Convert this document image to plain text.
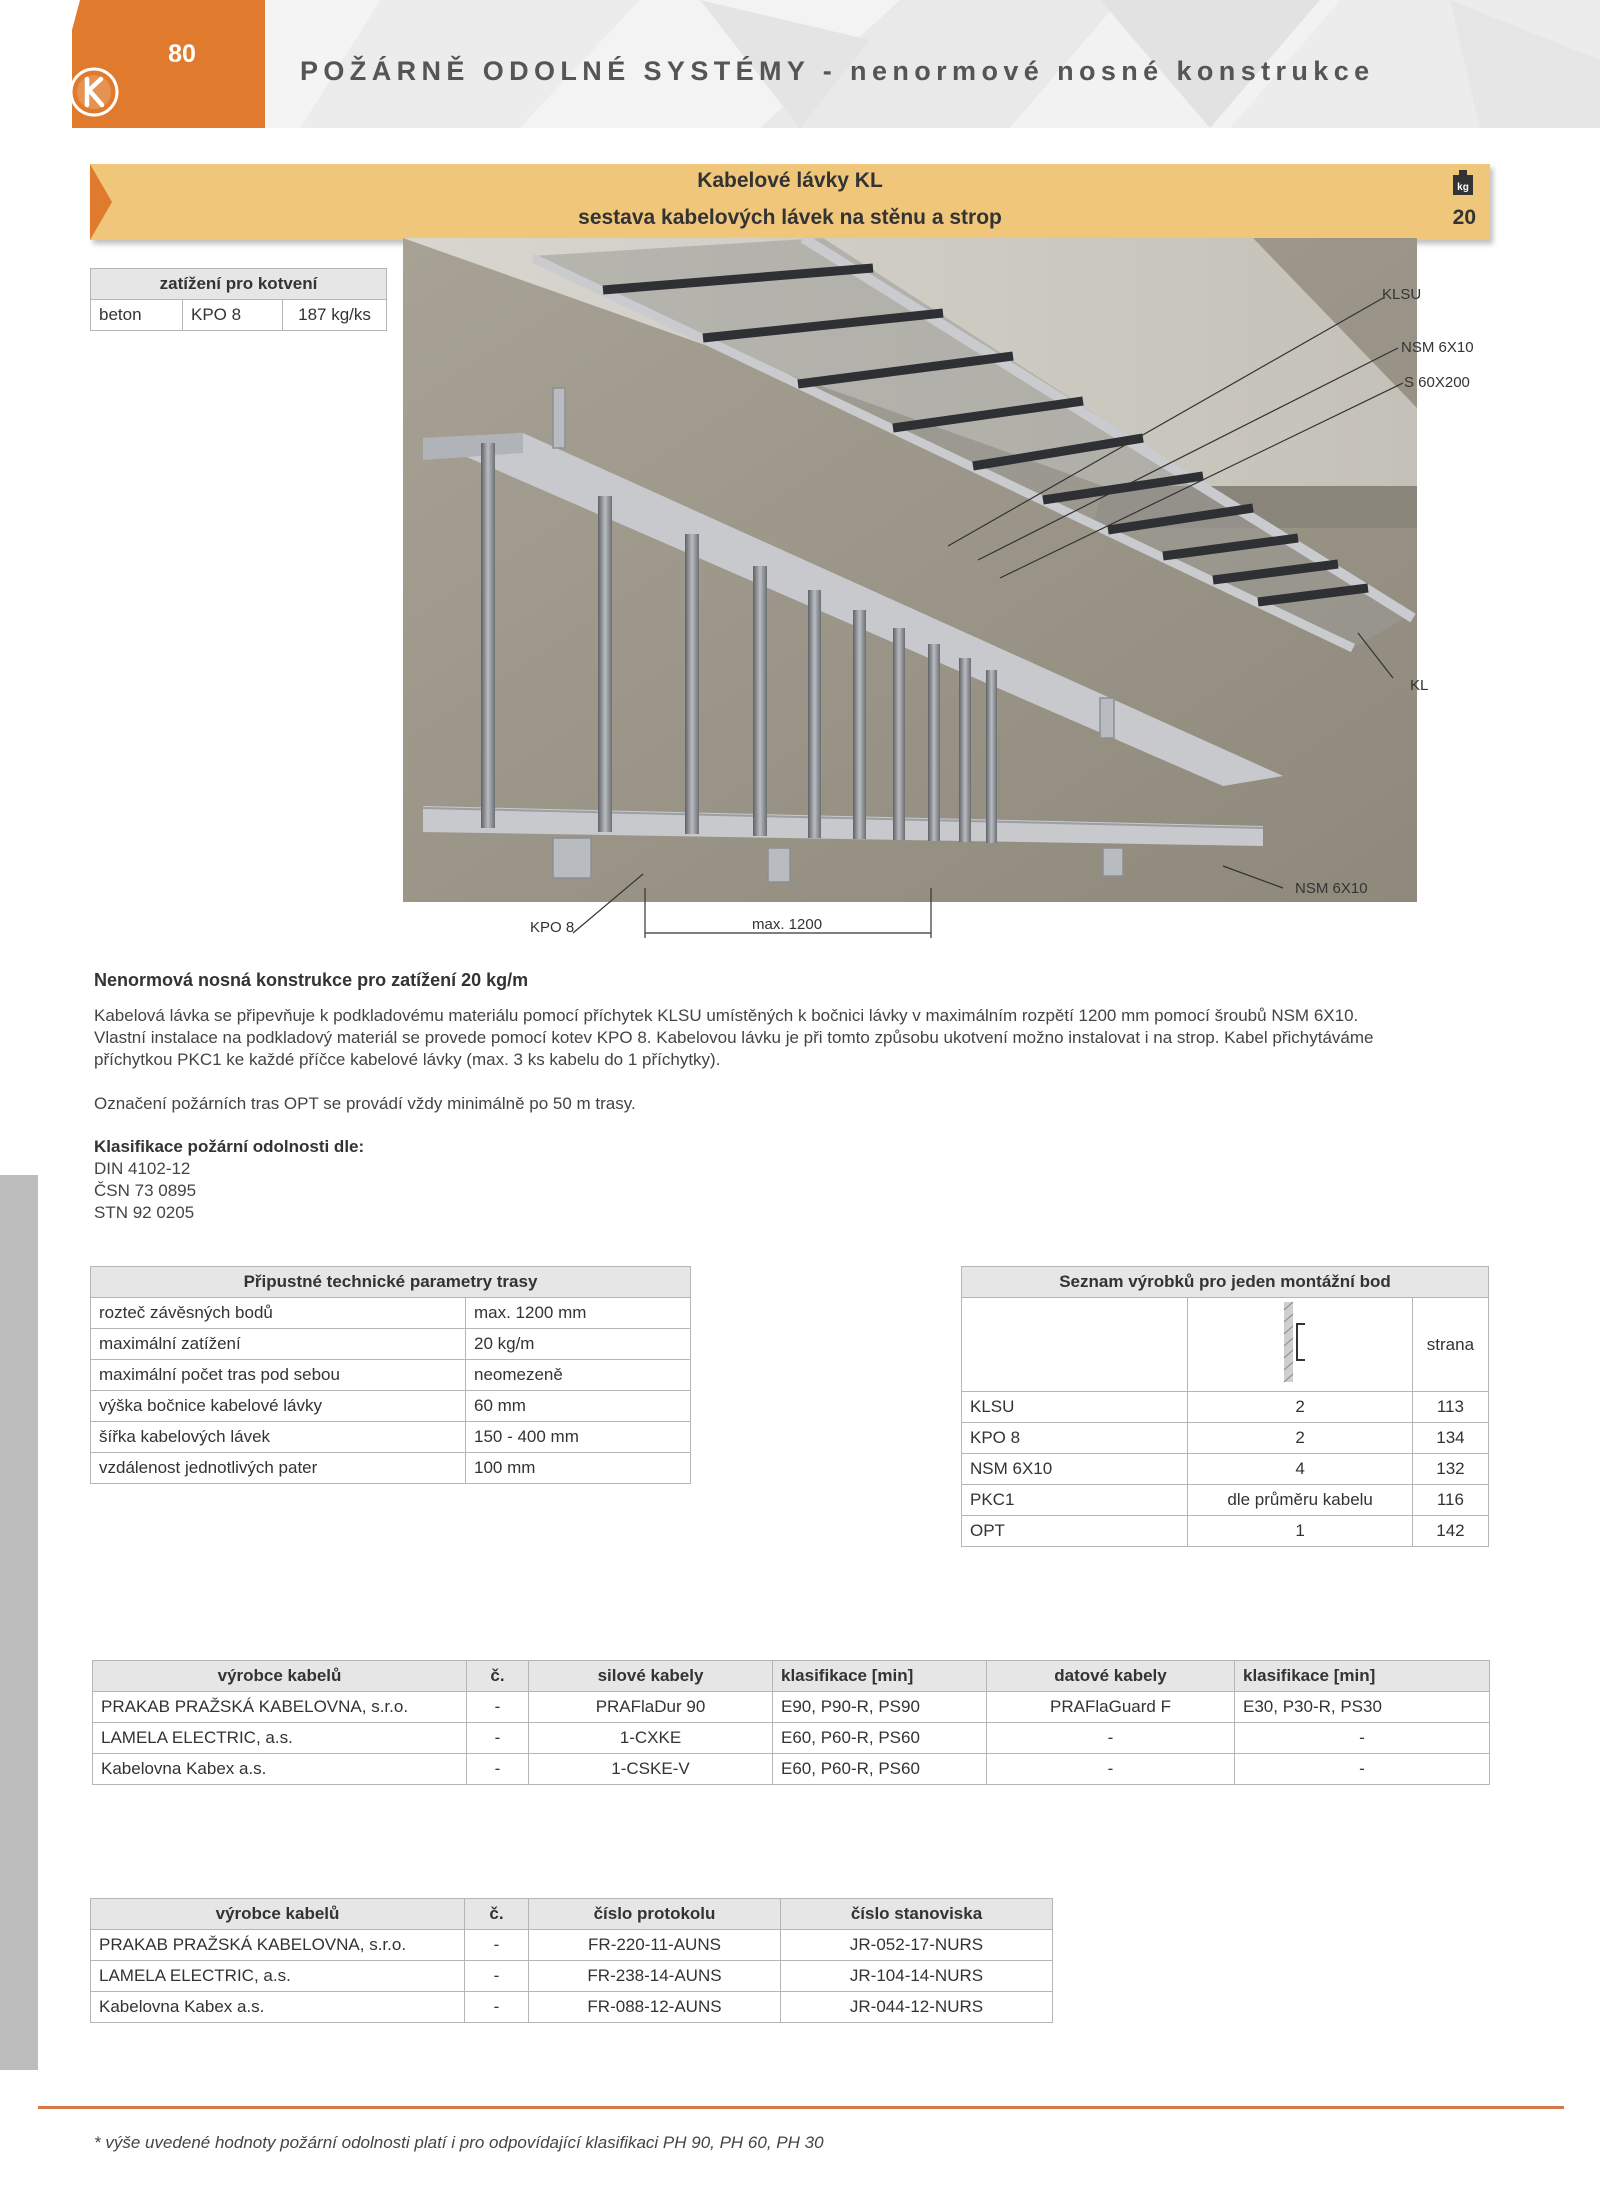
80
POŽÁRNĚ ODOLNÉ SYSTÉMY - nenormové nosné konstrukce
Kabelové lávky KL
sestava kabelových lávek na stěnu a strop	20
kg
zatížení pro kotvení
beton	KPO 8	187 kg/ks
KLSU
NSM 6X10
S 60X200
KL
NSM 6X10
KPO 8	max. 1200
Nenormová nosná konstrukce pro zatížení 20 kg/m
Kabelová lávka se připevňuje k podkladovému materiálu pomocí příchytek KLSU umístěných k bočnici lávky v maximálním rozpětí 1200 mm pomocí šroubů NSM 6X10.
Vlastní instalace na podkladový materiál se provede pomocí kotev KPO 8. Kabelovou lávku je při tomto způsobu ukotvení možno instalovat i na strop. Kabel přichytáváme
příchytkou PKC1 ke každé příčce kabelové lávky (max. 3 ks kabelu do 1 příchytky).
Označení požárních tras OPT se provádí vždy minimálně po 50 m trasy.
Klasifikace požární odolnosti dle:
DIN 4102-12
ČSN 73 0895
STN 92 0205
Připustné technické parametry trasy	
rozteč závěsných bodů	max. 1200 mm
maximální zatížení	20 kg/m
maximální počet tras pod sebou	neomezeně
výška bočnice kabelové lávky	60 mm
šířka kabelových lávek	150 - 400 mm
vzdálenost jednotlivých pater	100 mm
Seznam výrobků pro jeden montážní bod		
		strana
KLSU	2	113
KPO 8	2	134
NSM 6X10	4	132
PKC1	dle průměru kabelu	116
OPT	1	142
výrobce kabelů	č.	silové kabely	klasifikace [min]	datové kabely	klasifikace [min]
PRAKAB PRAŽSKÁ KABELOVNA, s.r.o.	-	PRAFlaDur 90	E90, P90-R, PS90	PRAFlaGuard F	E30, P30-R, PS30
LAMELA ELECTRIC, a.s.	-	1-CXKE	E60, P60-R, PS60	-	-
Kabelovna Kabex a.s.	-	1-CSKE-V	E60, P60-R, PS60	-	-
výrobce kabelů	č.	číslo protokolu	číslo stanoviska
PRAKAB PRAŽSKÁ KABELOVNA, s.r.o.	-	FR-220-11-AUNS	JR-052-17-NURS
LAMELA ELECTRIC, a.s.	-	FR-238-14-AUNS	JR-104-14-NURS
Kabelovna Kabex a.s.	-	FR-088-12-AUNS	JR-044-12-NURS
* výše uvedené hodnoty požární odolnosti platí i pro odpovídající klasifikaci PH 90, PH 60, PH 30
